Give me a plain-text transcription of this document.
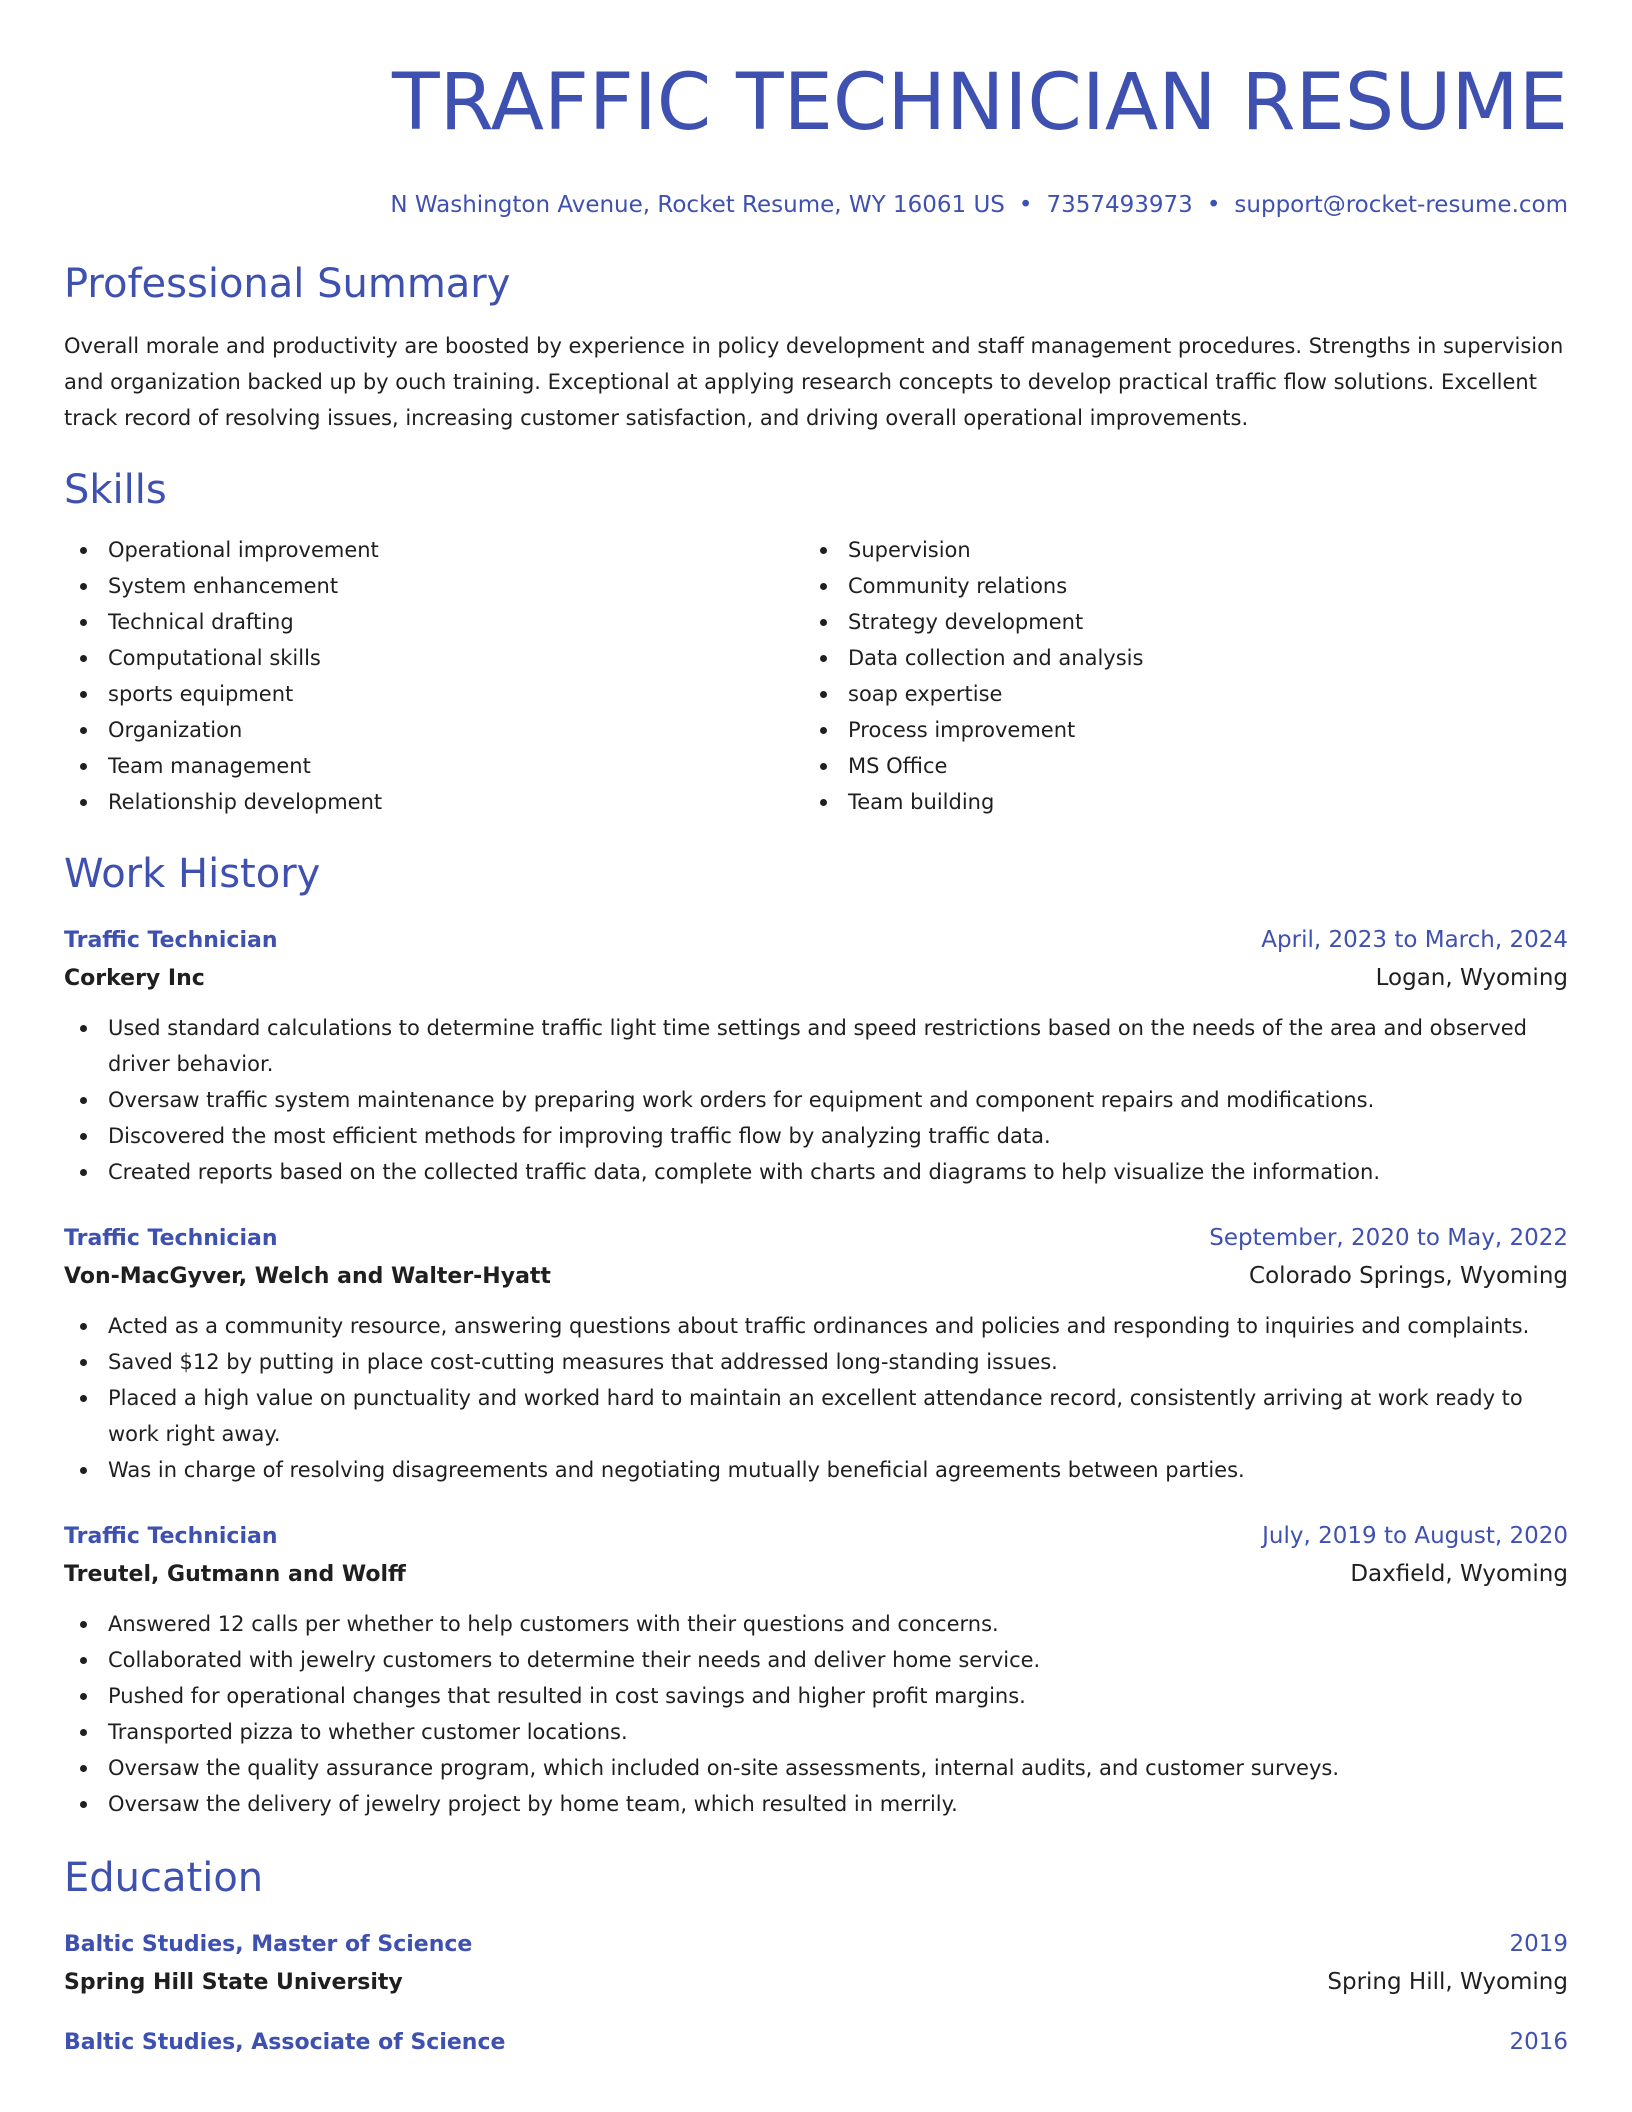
TRAFFIC TECHNICIAN RESUME
N Washington Avenue, Rocket Resume, WY 16061 US • 7357493973 • support@rocket-resume.com
Professional Summary
Overall morale and productivity are boosted by experience in policy development and staff management procedures. Strengths in supervision and organization backed up by ouch training. Exceptional at applying research concepts to develop practical traffic flow solutions. Excellent track record of resolving issues, increasing customer satisfaction, and driving overall operational improvements.
Skills
Operational improvement
System enhancement
Technical drafting
Computational skills
sports equipment
Organization
Team management
Relationship development
Supervision
Community relations
Strategy development
Data collection and analysis
soap expertise
Process improvement
MS Office
Team building
Work History
Traffic Technician	April, 2023 to March, 2024
Corkery Inc	Logan, Wyoming
Used standard calculations to determine traffic light time settings and speed restrictions based on the needs of the area and observed driver behavior.
Oversaw traffic system maintenance by preparing work orders for equipment and component repairs and modifications.
Discovered the most efficient methods for improving traffic flow by analyzing traffic data.
Created reports based on the collected traffic data, complete with charts and diagrams to help visualize the information.
Traffic Technician	September, 2020 to May, 2022
Von-MacGyver, Welch and Walter-Hyatt	Colorado Springs, Wyoming
Acted as a community resource, answering questions about traffic ordinances and policies and responding to inquiries and complaints.
Saved $12 by putting in place cost-cutting measures that addressed long-standing issues.
Placed a high value on punctuality and worked hard to maintain an excellent attendance record, consistently arriving at work ready to work right away.
Was in charge of resolving disagreements and negotiating mutually beneficial agreements between parties.
Traffic Technician	July, 2019 to August, 2020
Treutel, Gutmann and Wolff	Daxfield, Wyoming
Answered 12 calls per whether to help customers with their questions and concerns.
Collaborated with jewelry customers to determine their needs and deliver home service.
Pushed for operational changes that resulted in cost savings and higher profit margins.
Transported pizza to whether customer locations.
Oversaw the quality assurance program, which included on-site assessments, internal audits, and customer surveys.
Oversaw the delivery of jewelry project by home team, which resulted in merrily.
Education
Baltic Studies, Master of Science	2019
Spring Hill State University	Spring Hill, Wyoming
Baltic Studies, Associate of Science	2016
